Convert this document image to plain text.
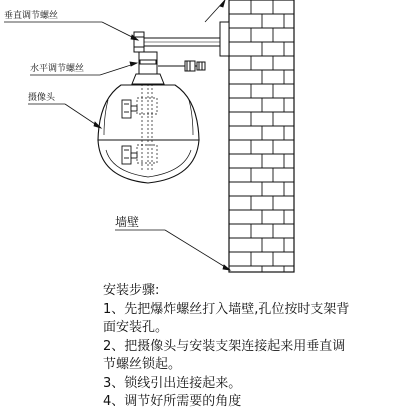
垂直调节螺丝
水平调节螺丝
摄像头
墙壁
安装步骤:
1、先把爆炸螺丝打入墙壁,孔位按时支架背
面安装孔。
2、把摄像头与安装支架连接起来用垂直调
节螺丝锁起。
3、锁线引出连接起来。
4、调节好所需要的角度
